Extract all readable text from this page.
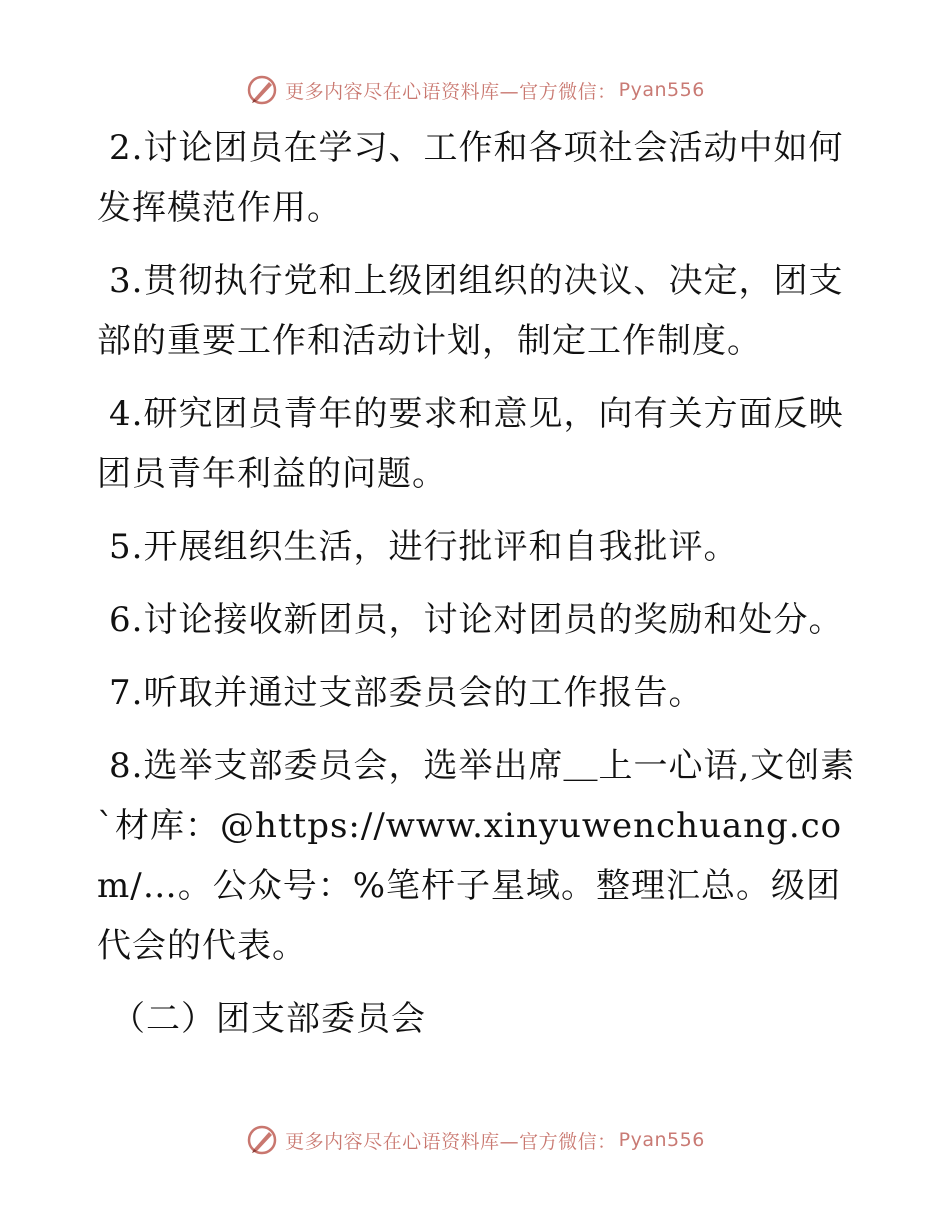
更多内容尽在心语资料库—官方微信： Pyan556

2.讨论团员在学习、工作和各项社会活动中如何发挥模范作用。

3.贯彻执行党和上级团组织的决议、决定，团支部的重要工作和活动计划，制定工作制度。

4.研究团员青年的要求和意见，向有关方面反映团员青年利益的问题。

5.开展组织生活，进行批评和自我批评。

6.讨论接收新团员，讨论对团员的奖励和处分。

7.听取并通过支部委员会的工作报告。

8.选举支部委员会，选举出席＿上一心语,文创素`材库：@https://www.xinyuwenchuang.com/…。公众号：%笔杆子星域。整理汇总。级团代会的代表。

（二）团支部委员会
更多内容尽在心语资料库—官方微信： Pyan556
